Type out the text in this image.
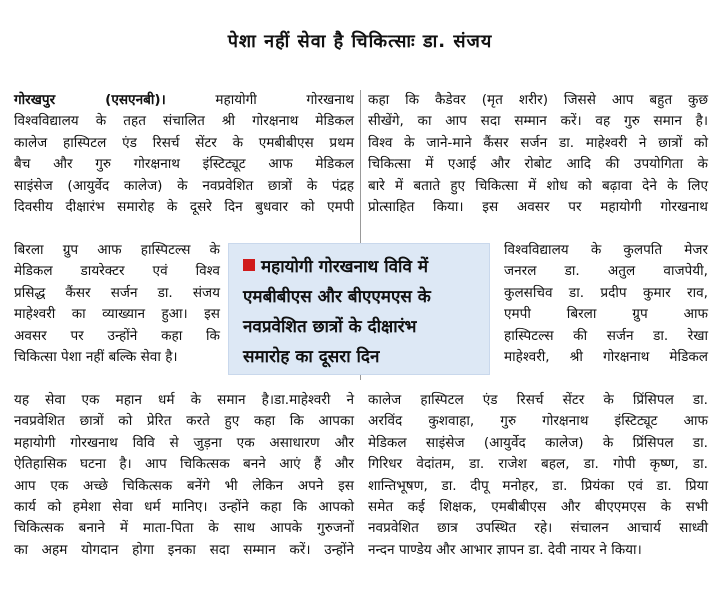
पेशा नहीं सेवा है चिकित्साः डा. संजय
गोरखपुर (एसएनबी)।	महायोगी गोरखनाथ
विश्वविद्यालय के तहत संचालित श्री गोरक्षनाथ मेडिकल
कालेज हास्पिटल एंड रिसर्च सेंटर के एमबीबीएस प्रथम
बैच और गुरु गोरक्षनाथ इंस्टिट्यूट आफ मेडिकल
साइंसेज (आयुर्वेद कालेज) के नवप्रवेशित छात्रों के पंद्रह
दिवसीय दीक्षारंभ समारोह के दूसरे दिन बुधवार को एमपी
बिरला ग्रुप आफ हास्पिटल्स के
मेडिकल डायरेक्टर एवं विश्व
प्रसिद्ध कैंसर सर्जन डा. संजय
माहेश्वरी का व्याख्यान हुआ। इस
अवसर पर उन्होंने कहा कि
चिकित्सा पेशा नहीं बल्कि सेवा है।
यह सेवा एक महान धर्म के समान है।डा.माहेश्वरी ने
नवप्रवेशित छात्रों को प्रेरित करते हुए कहा कि आपका
महायोगी गोरखनाथ विवि से जुड़ना एक असाधारण और
ऐतिहासिक घटना है। आप चिकित्सक बनने आएं हैं और
आप एक अच्छे चिकित्सक बनेंगे भी लेकिन अपने इस
कार्य को हमेशा सेवा धर्म मानिए। उन्होंने कहा कि आपको
चिकित्सक बनाने में माता-पिता के साथ आपके गुरुजनों
का अहम योगदान होगा इनका सदा सम्मान करें। उन्होंने
कहा कि कैडेवर (मृत शरीर) जिससे आप बहुत कुछ
सीखेंगे, का आप सदा सम्मान करें। वह गुरु समान है।
विश्व के जाने-माने कैंसर सर्जन डा. माहेश्वरी ने छात्रों को
चिकित्सा में एआई और रोबोट आदि की उपयोगिता के
बारे में बताते हुए चिकित्सा में शोध को बढ़ावा देने के लिए
प्रोत्साहित किया। इस अवसर पर महायोगी गोरखनाथ
विश्वविद्यालय के कुलपति मेजर
जनरल डा. अतुल वाजपेयी,
कुलसचिव डा. प्रदीप कुमार राव,
एमपी बिरला ग्रुप आफ
हास्पिटल्स की सर्जन डा. रेखा
माहेश्वरी, श्री गोरक्षनाथ मेडिकल
कालेज हास्पिटल एंड रिसर्च सेंटर के प्रिंसिपल डा.
अरविंद कुशवाहा, गुरु गोरक्षनाथ इंस्टिट्यूट आफ
मेडिकल साइंसेज (आयुर्वेद कालेज) के प्रिंसिपल डा.
गिरिधर वेदांतम, डा. राजेश बहल, डा. गोपी कृष्ण, डा.
शान्तिभूषण, डा. दीपू मनोहर, डा. प्रियंका एवं डा. प्रिया
समेत कई शिक्षक, एमबीबीएस और बीएएमएस के सभी
नवप्रवेशित छात्र उपस्थित रहे। संचालन आचार्य साध्वी
नन्दन पाण्डेय और आभार ज्ञापन डा. देवी नायर ने किया।
महायोगी गोरखनाथ विवि में
एमबीबीएस और बीएएमएस के
नवप्रवेशित छात्रों के दीक्षारंभ
समारोह का दूसरा दिन
